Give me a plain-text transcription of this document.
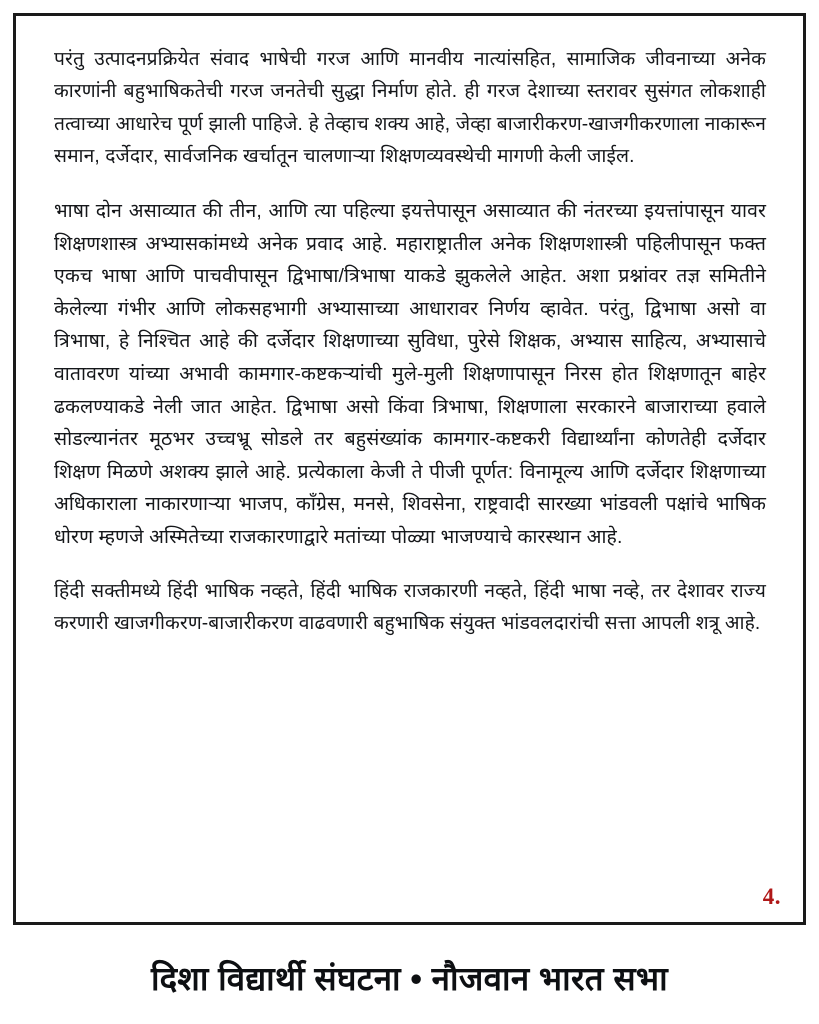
परंतु उत्पादनप्रक्रियेत संवाद भाषेची गरज आणि मानवीय नात्यांसहित, सामाजिक जीवनाच्या अनेक कारणांनी बहुभाषिकतेची गरज जनतेची सुद्धा निर्माण होते. ही गरज देशाच्या स्तरावर सुसंगत लोकशाही तत्वाच्या आधारेच पूर्ण झाली पाहिजे. हे तेव्हाच शक्य आहे, जेव्हा बाजारीकरण-खाजगीकरणाला नाकारून समान, दर्जेदार, सार्वजनिक खर्चातून चालणाऱ्या शिक्षणव्यवस्थेची मागणी केली जाईल.

भाषा दोन असाव्यात की तीन, आणि त्या पहिल्या इयत्तेपासून असाव्यात की नंतरच्या इयत्तांपासून यावर शिक्षणशास्त्र अभ्यासकांमध्ये अनेक प्रवाद आहे. महाराष्ट्रातील अनेक शिक्षणशास्त्री पहिलीपासून फक्त एकच भाषा आणि पाचवीपासून द्विभाषा/त्रिभाषा याकडे झुकलेले आहेत. अशा प्रश्नांवर तज्ञ समितीने केलेल्या गंभीर आणि लोकसहभागी अभ्यासाच्या आधारावर निर्णय व्हावेत. परंतु, द्विभाषा असो वा त्रिभाषा, हे निश्चित आहे की दर्जेदार शिक्षणाच्या सुविधा, पुरेसे शिक्षक, अभ्यास साहित्य, अभ्यासाचे वातावरण यांच्या अभावी कामगार-कष्टकऱ्यांची मुले-मुली शिक्षणापासून निरस होत शिक्षणातून बाहेर ढकलण्याकडे नेली जात आहेत. द्विभाषा असो किंवा त्रिभाषा, शिक्षणाला सरकारने बाजाराच्या हवाले सोडल्यानंतर मूठभर उच्चभ्रू सोडले तर बहुसंख्यांक कामगार-कष्टकरी विद्यार्थ्यांना कोणतेही दर्जेदार शिक्षण मिळणे अशक्य झाले आहे. प्रत्येकाला केजी ते पीजी पूर्णत: विनामूल्य आणि दर्जेदार शिक्षणाच्या अधिकाराला नाकारणाऱ्या भाजप, काँग्रेस, मनसे, शिवसेना, राष्ट्रवादी सारख्या भांडवली पक्षांचे भाषिक धोरण म्हणजे अस्मितेच्या राजकारणाद्वारे मतांच्या पोळ्या भाजण्याचे कारस्थान आहे.

हिंदी सक्तीमध्ये हिंदी भाषिक नव्हते, हिंदी भाषिक राजकारणी नव्हते, हिंदी भाषा नव्हे, तर देशावर राज्य करणारी खाजगीकरण-बाजारीकरण वाढवणारी बहुभाषिक संयुक्त भांडवलदारांची सत्ता आपली शत्रू आहे.

4.
दिशा विद्यार्थी संघटना • नौजवान भारत सभा
